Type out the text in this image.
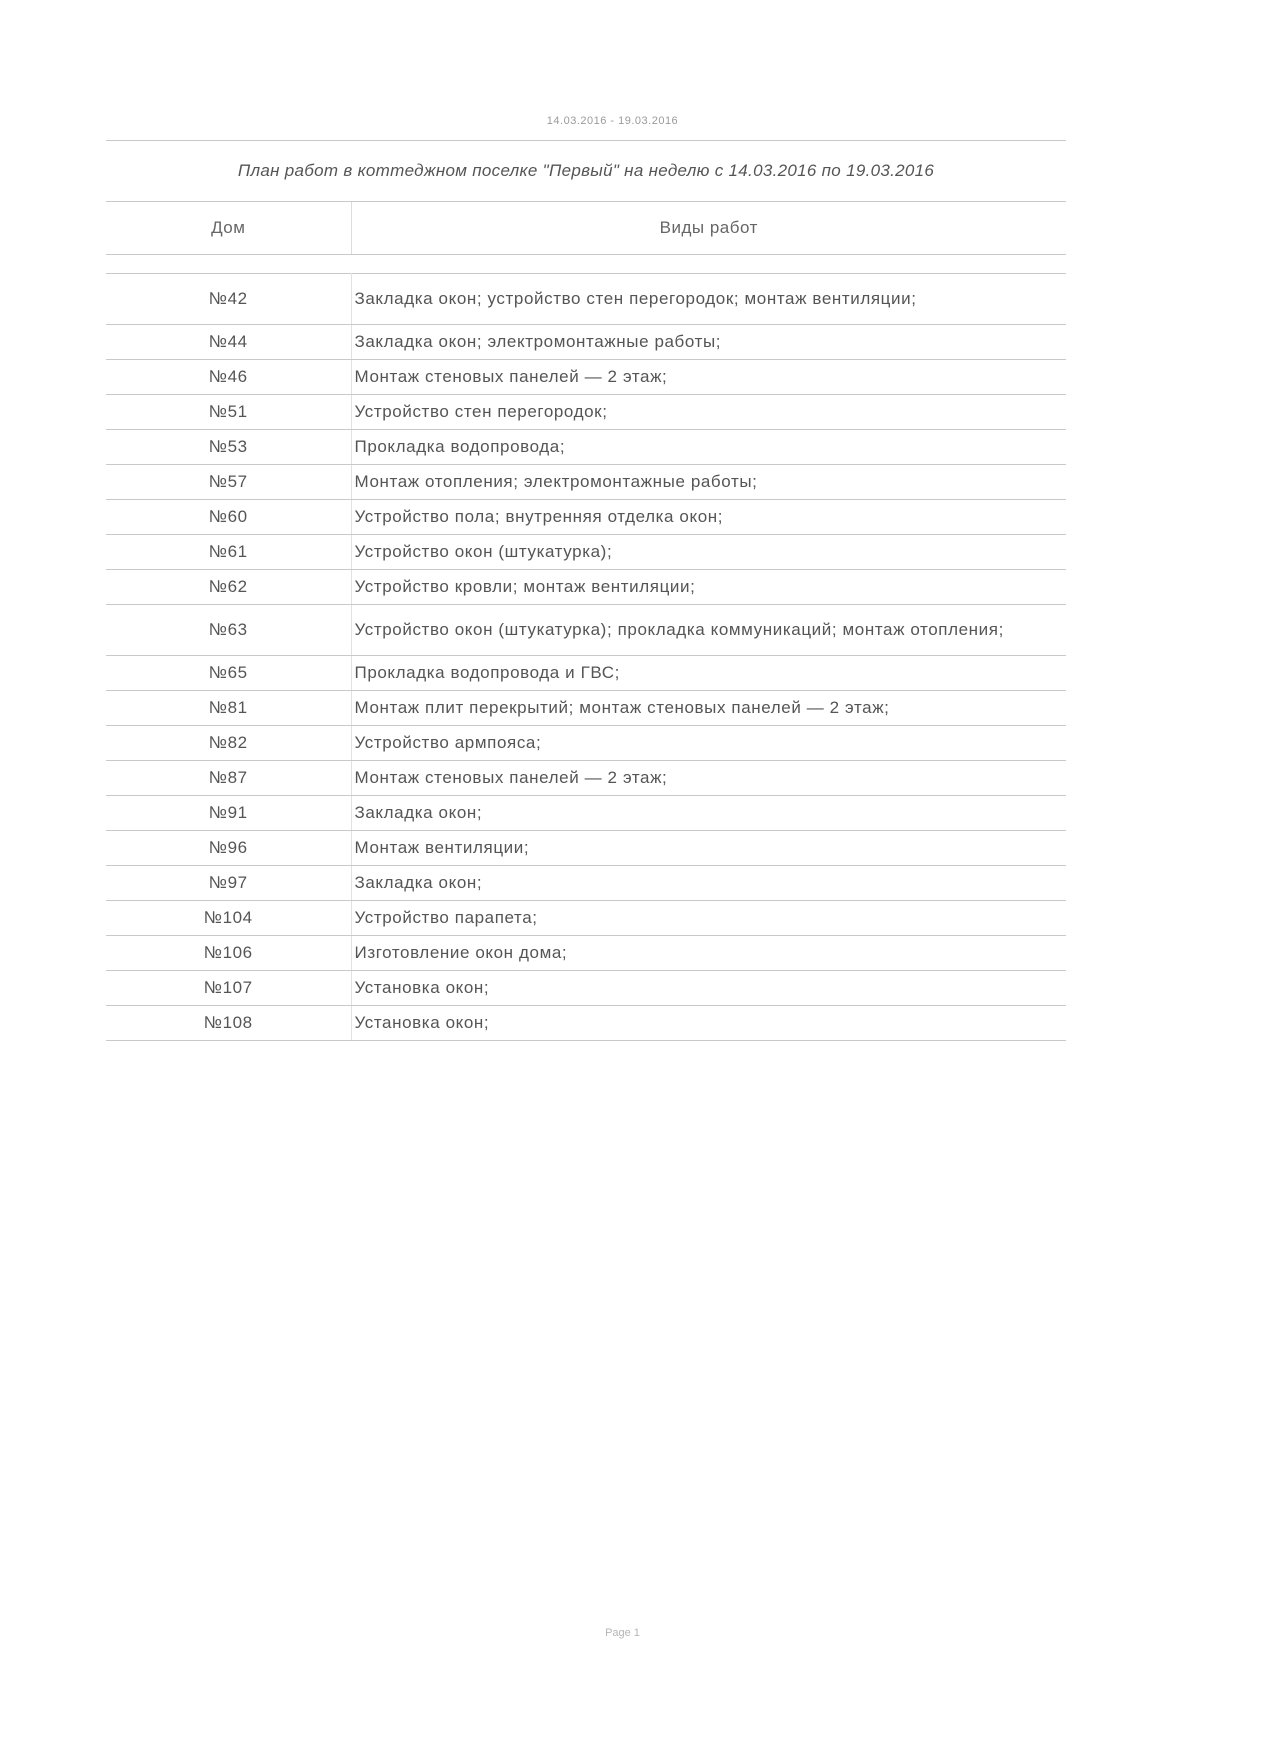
14.03.2016 - 19.03.2016
План работ в коттеджном поселке "Первый" на неделю с 14.03.2016 по 19.03.2016	
Дом	Виды работ

№42	Закладка окон; устройство стен перегородок; монтаж вентиляции;
№44	Закладка окон; электромонтажные работы;
№46	Монтаж стеновых панелей — 2 этаж;
№51	Устройство стен перегородок;
№53	Прокладка водопровода;
№57	Монтаж отопления; электромонтажные работы;
№60	Устройство пола; внутренняя отделка окон;
№61	Устройство окон (штукатурка);
№62	Устройство кровли; монтаж вентиляции;
№63	Устройство окон (штукатурка); прокладка коммуникаций; монтаж отопления;
№65	Прокладка водопровода и ГВС;
№81	Монтаж плит перекрытий; монтаж стеновых панелей — 2 этаж;
№82	Устройство армпояса;
№87	Монтаж стеновых панелей — 2 этаж;
№91	Закладка окон;
№96	Монтаж вентиляции;
№97	Закладка окон;
№104	Устройство парапета;
№106	Изготовление окон дома;
№107	Установка окон;
№108	Установка окон;
Page 1
